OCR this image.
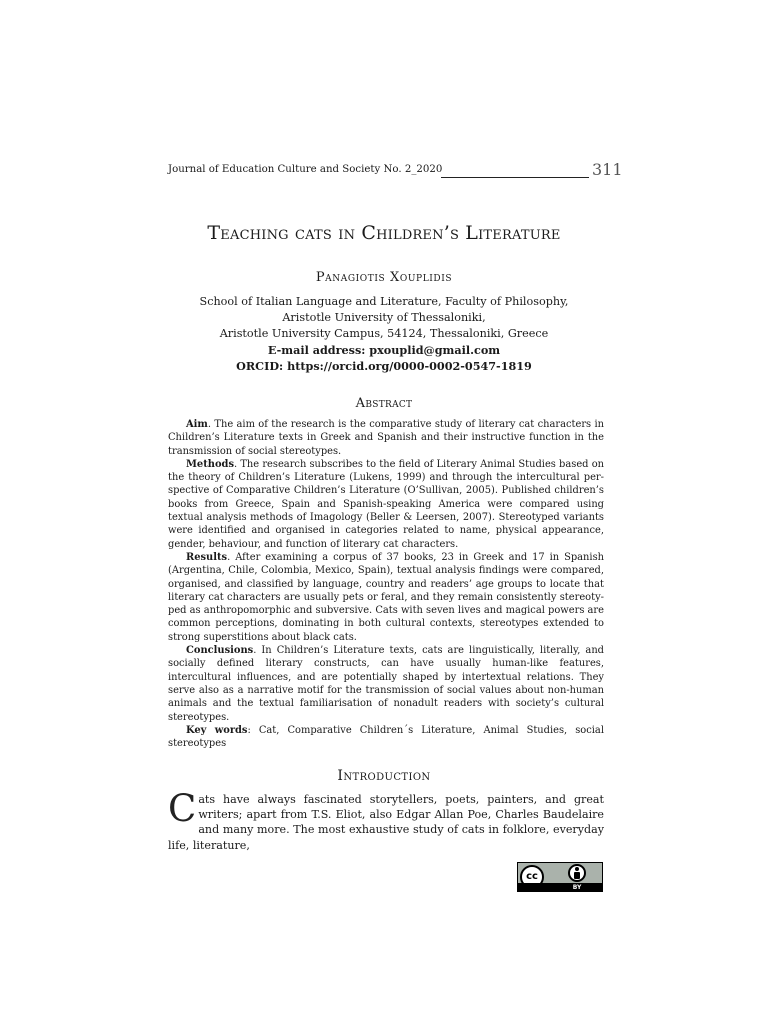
Journal of Education Culture and Society No. 2_2020	311
Teaching cats in Children’s Literature
Panagiotis Xouplidis
School of Italian Language and Literature, Faculty of Philosophy,
Aristotle University of Thessaloniki,
Aristotle University Campus, 54124, Thessaloniki, Greece
E-mail address: pxouplid@gmail.com
ORCID: https://orcid.org/0000-0002-0547-1819
Abstract

Aim. The aim of the research is the comparative study of literary cat characters in Children’s Literature texts in Greek and Spanish and their instructive function in the transmission of social stereotypes.

Methods. The research subscribes to the field of Literary Animal Studies based on the theory of Children’s Literature (Lukens, 1999) and through the intercultural perspective of Comparative Children’s Literature (O’Sullivan, 2005). Published children’s books from Greece, Spain and Spanish-speaking America were compared using textual analysis methods of Imagology (Beller & Leersen, 2007). Stereotyped variants were identified and organised in categories related to name, physical appearance, gender, behaviour, and function of literary cat characters.

Results. After examining a corpus of 37 books, 23 in Greek and 17 in Spanish (Argentina, Chile, Colombia, Mexico, Spain), textual analysis findings were compared, organised, and classified by language, country and readers’ age groups to locate that literary cat characters are usually pets or feral, and they remain consistently stereotyped as anthropomorphic and subversive. Cats with seven lives and magical powers are common perceptions, dominating in both cultural contexts, stereotypes extended to strong superstitions about black cats.

Conclusions. In Children’s Literature texts, cats are linguistically, literally, and socially defined literary constructs, can have usually human-like features, intercultural influences, and are potentially shaped by intertextual relations. They serve also as a narrative motif for the transmission of social values about non-human animals and the textual familiarisation of nonadult readers with society’s cultural stereotypes.

Key words: Cat, Comparative Children´s Literature, Animal Studies, social stereotypes

Introduction
Cats have always fascinated storytellers, poets, painters, and great writers; apart from T.S. Eliot, also Edgar Allan Poe, Charles Baudelaire and many more. The most exhaustive study of cats in folklore, everyday life, literature,
cc
BY
